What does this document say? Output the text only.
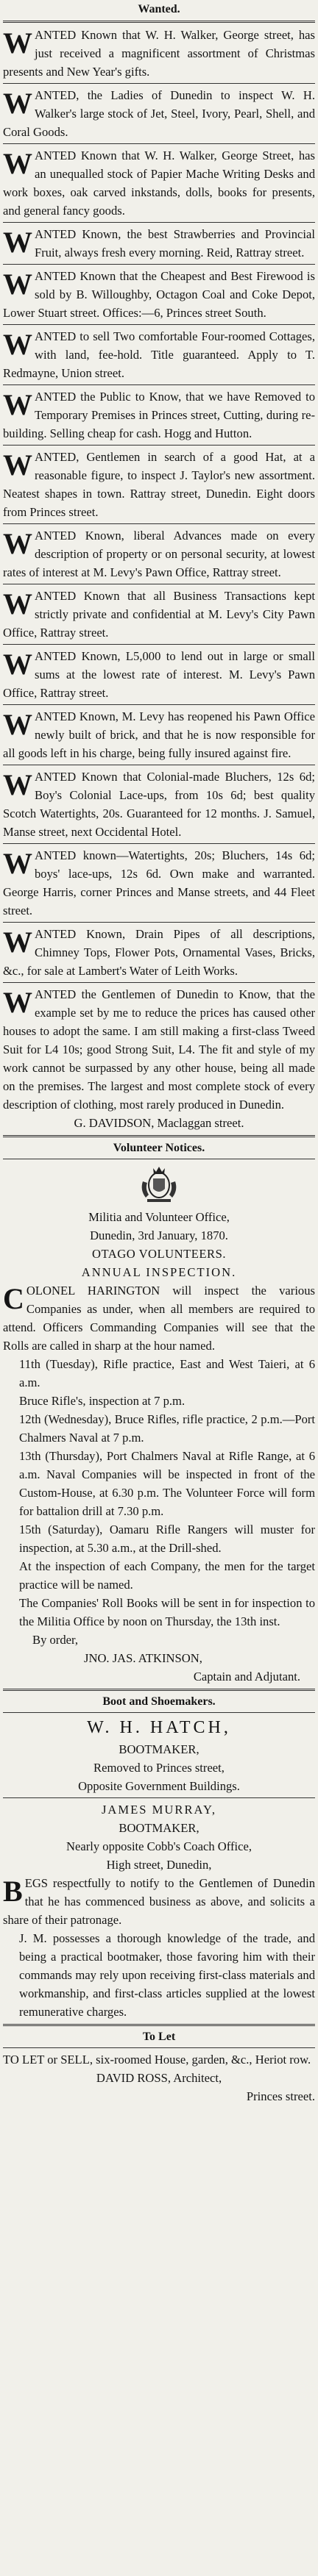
Wanted.
WANTED Known that W. H. Walker, George street, has just received a magnificent assortment of Christmas presents and New Year's gifts.
WANTED, the Ladies of Dunedin to inspect W. H. Walker's large stock of Jet, Steel, Ivory, Pearl, Shell, and Coral Goods.
WANTED Known that W. H. Walker, George Street, has an unequalled stock of Papier Mache Writing Desks and work boxes, oak carved inkstands, dolls, books for presents, and general fancy goods.
WANTED Known, the best Strawberries and Provincial Fruit, always fresh every morning. Reid, Rattray street.
WANTED Known that the Cheapest and Best Firewood is sold by B. Willoughby, Octagon Coal and Coke Depot, Lower Stuart street. Offices:—6, Princes street South.
WANTED to sell Two comfortable Four-roomed Cottages, with land, fee-hold. Title guaranteed. Apply to T. Redmayne, Union street.
WANTED the Public to Know, that we have Removed to Temporary Premises in Princes street, Cutting, during re-building. Selling cheap for cash. Hogg and Hutton.
WANTED, Gentlemen in search of a good Hat, at a reasonable figure, to inspect J. Taylor's new assortment. Neatest shapes in town. Rattray street, Dunedin. Eight doors from Princes street.
WANTED Known, liberal Advances made on every description of property or on personal security, at lowest rates of interest at M. Levy's Pawn Office, Rattray street.
WANTED Known that all Business Transactions kept strictly private and confidential at M. Levy's City Pawn Office, Rattray street.
WANTED Known, L5,000 to lend out in large or small sums at the lowest rate of interest. M. Levy's Pawn Office, Rattray street.
WANTED Known, M. Levy has reopened his Pawn Office newly built of brick, and that he is now responsible for all goods left in his charge, being fully insured against fire.
WANTED Known that Colonial-made Bluchers, 12s 6d; Boy's Colonial Lace-ups, from 10s 6d; best quality Scotch Watertights, 20s. Guaranteed for 12 months. J. Samuel, Manse street, next Occidental Hotel.
WANTED known—Watertights, 20s; Bluchers, 14s 6d; boys' lace-ups, 12s 6d. Own make and warranted. George Harris, corner Princes and Manse streets, and 44 Fleet street.
WANTED Known, Drain Pipes of all descriptions, Chimney Tops, Flower Pots, Ornamental Vases, Bricks, &c., for sale at Lambert's Water of Leith Works.
WANTED the Gentlemen of Dunedin to Know, that the example set by me to reduce the prices has caused other houses to adopt the same. I am still making a first-class Tweed Suit for L4 10s; good Strong Suit, L4. The fit and style of my work cannot be surpassed by any other house, being all made on the premises. The largest and most complete stock of every description of clothing, most rarely produced in Dunedin.
G. DAVIDSON, Maclaggan street.
Volunteer Notices.
Militia and Volunteer Office,
Dunedin, 3rd January, 1870.
OTAGO VOLUNTEERS.
ANNUAL INSPECTION.
C OLONEL HARINGTON will inspect the various Companies as under, when all members are required to attend. Officers Commanding Companies will see that the Rolls are called in sharp at the hour named.
11th (Tuesday), Rifle practice, East and West Taieri, at 6 a.m.
Bruce Rifle's, inspection at 7 p.m.
12th (Wednesday), Bruce Rifles, rifle practice, 2 p.m.—Port Chalmers Naval at 7 p.m.
13th (Thursday), Port Chalmers Naval at Rifle Range, at 6 a.m. Naval Companies will be inspected in front of the Custom-House, at 6.30 p.m. The Volunteer Force will form for battalion drill at 7.30 p.m.
15th (Saturday), Oamaru Rifle Rangers will muster for inspection, at 5.30 a.m., at the Drill-shed.
At the inspection of each Company, the men for the target practice will be named.
The Companies' Roll Books will be sent in for inspection to the Militia Office by noon on Thursday, the 13th inst.
By order,
JNO. JAS. ATKINSON,
Captain and Adjutant.
Boot and Shoemakers.
W. H. HATCH,
BOOTMAKER,
Removed to Princes street,
Opposite Government Buildings.
JAMES MURRAY,
BOOTMAKER,
Nearly opposite Cobb's Coach Office,
High street, Dunedin,
B EGS respectfully to notify to the Gentlemen of Dunedin that he has commenced business as above, and solicits a share of their patronage.
J. M. possesses a thorough knowledge of the trade, and being a practical bootmaker, those favoring him with their commands may rely upon receiving first-class materials and workmanship, and first-class articles supplied at the lowest remunerative charges.
To Let
TO LET or SELL, six-roomed House, garden, &c., Heriot row.
DAVID ROSS, Architect,
Princes street.
